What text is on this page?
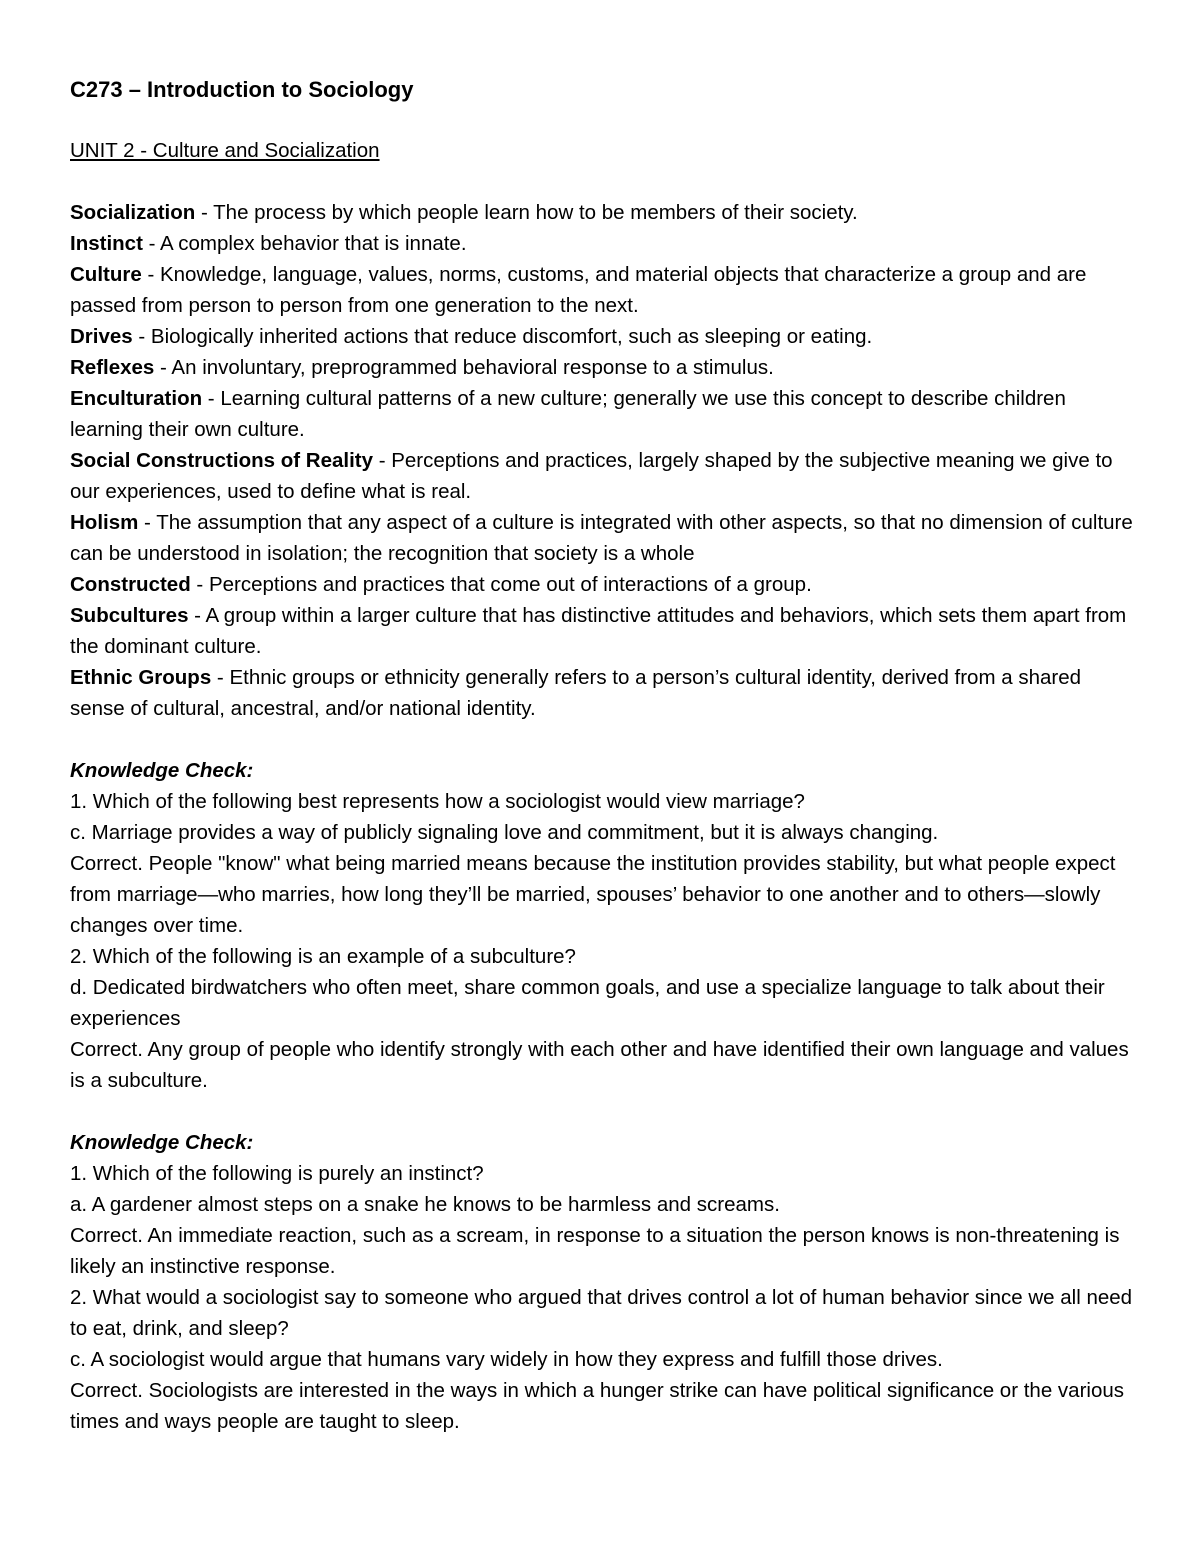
C273 – Introduction to Sociology
UNIT 2 - Culture and Socialization

Socialization - The process by which people learn how to be members of their society.

Instinct - A complex behavior that is innate.

Culture - Knowledge, language, values, norms, customs, and material objects that characterize a group and are passed from person to person from one generation to the next.

Drives - Biologically inherited actions that reduce discomfort, such as sleeping or eating.

Reflexes - An involuntary, preprogrammed behavioral response to a stimulus.

Enculturation - Learning cultural patterns of a new culture; generally we use this concept to describe children learning their own culture.

Social Constructions of Reality - Perceptions and practices, largely shaped by the subjective meaning we give to our experiences, used to define what is real.

Holism - The assumption that any aspect of a culture is integrated with other aspects, so that no dimension of culture can be understood in isolation; the recognition that society is a whole

Constructed - Perceptions and practices that come out of interactions of a group.

Subcultures - A group within a larger culture that has distinctive attitudes and behaviors, which sets them apart from the dominant culture.

Ethnic Groups - Ethnic groups or ethnicity generally refers to a person’s cultural identity, derived from a shared sense of cultural, ancestral, and/or national identity.

Knowledge Check:

1. Which of the following best represents how a sociologist would view marriage?

c. Marriage provides a way of publicly signaling love and commitment, but it is always changing.

Correct. People "know" what being married means because the institution provides stability, but what people expect from marriage—who marries, how long they’ll be married, spouses’ behavior to one another and to others—slowly changes over time.

2. Which of the following is an example of a subculture?

d. Dedicated birdwatchers who often meet, share common goals, and use a specialize language to talk about their experiences

Correct. Any group of people who identify strongly with each other and have identified their own language and values is a subculture.

Knowledge Check:

1. Which of the following is purely an instinct?

a. A gardener almost steps on a snake he knows to be harmless and screams.

Correct. An immediate reaction, such as a scream, in response to a situation the person knows is non-threatening is likely an instinctive response.

2. What would a sociologist say to someone who argued that drives control a lot of human behavior since we all need to eat, drink, and sleep?

c. A sociologist would argue that humans vary widely in how they express and fulfill those drives.

Correct. Sociologists are interested in the ways in which a hunger strike can have political significance or the various times and ways people are taught to sleep.
